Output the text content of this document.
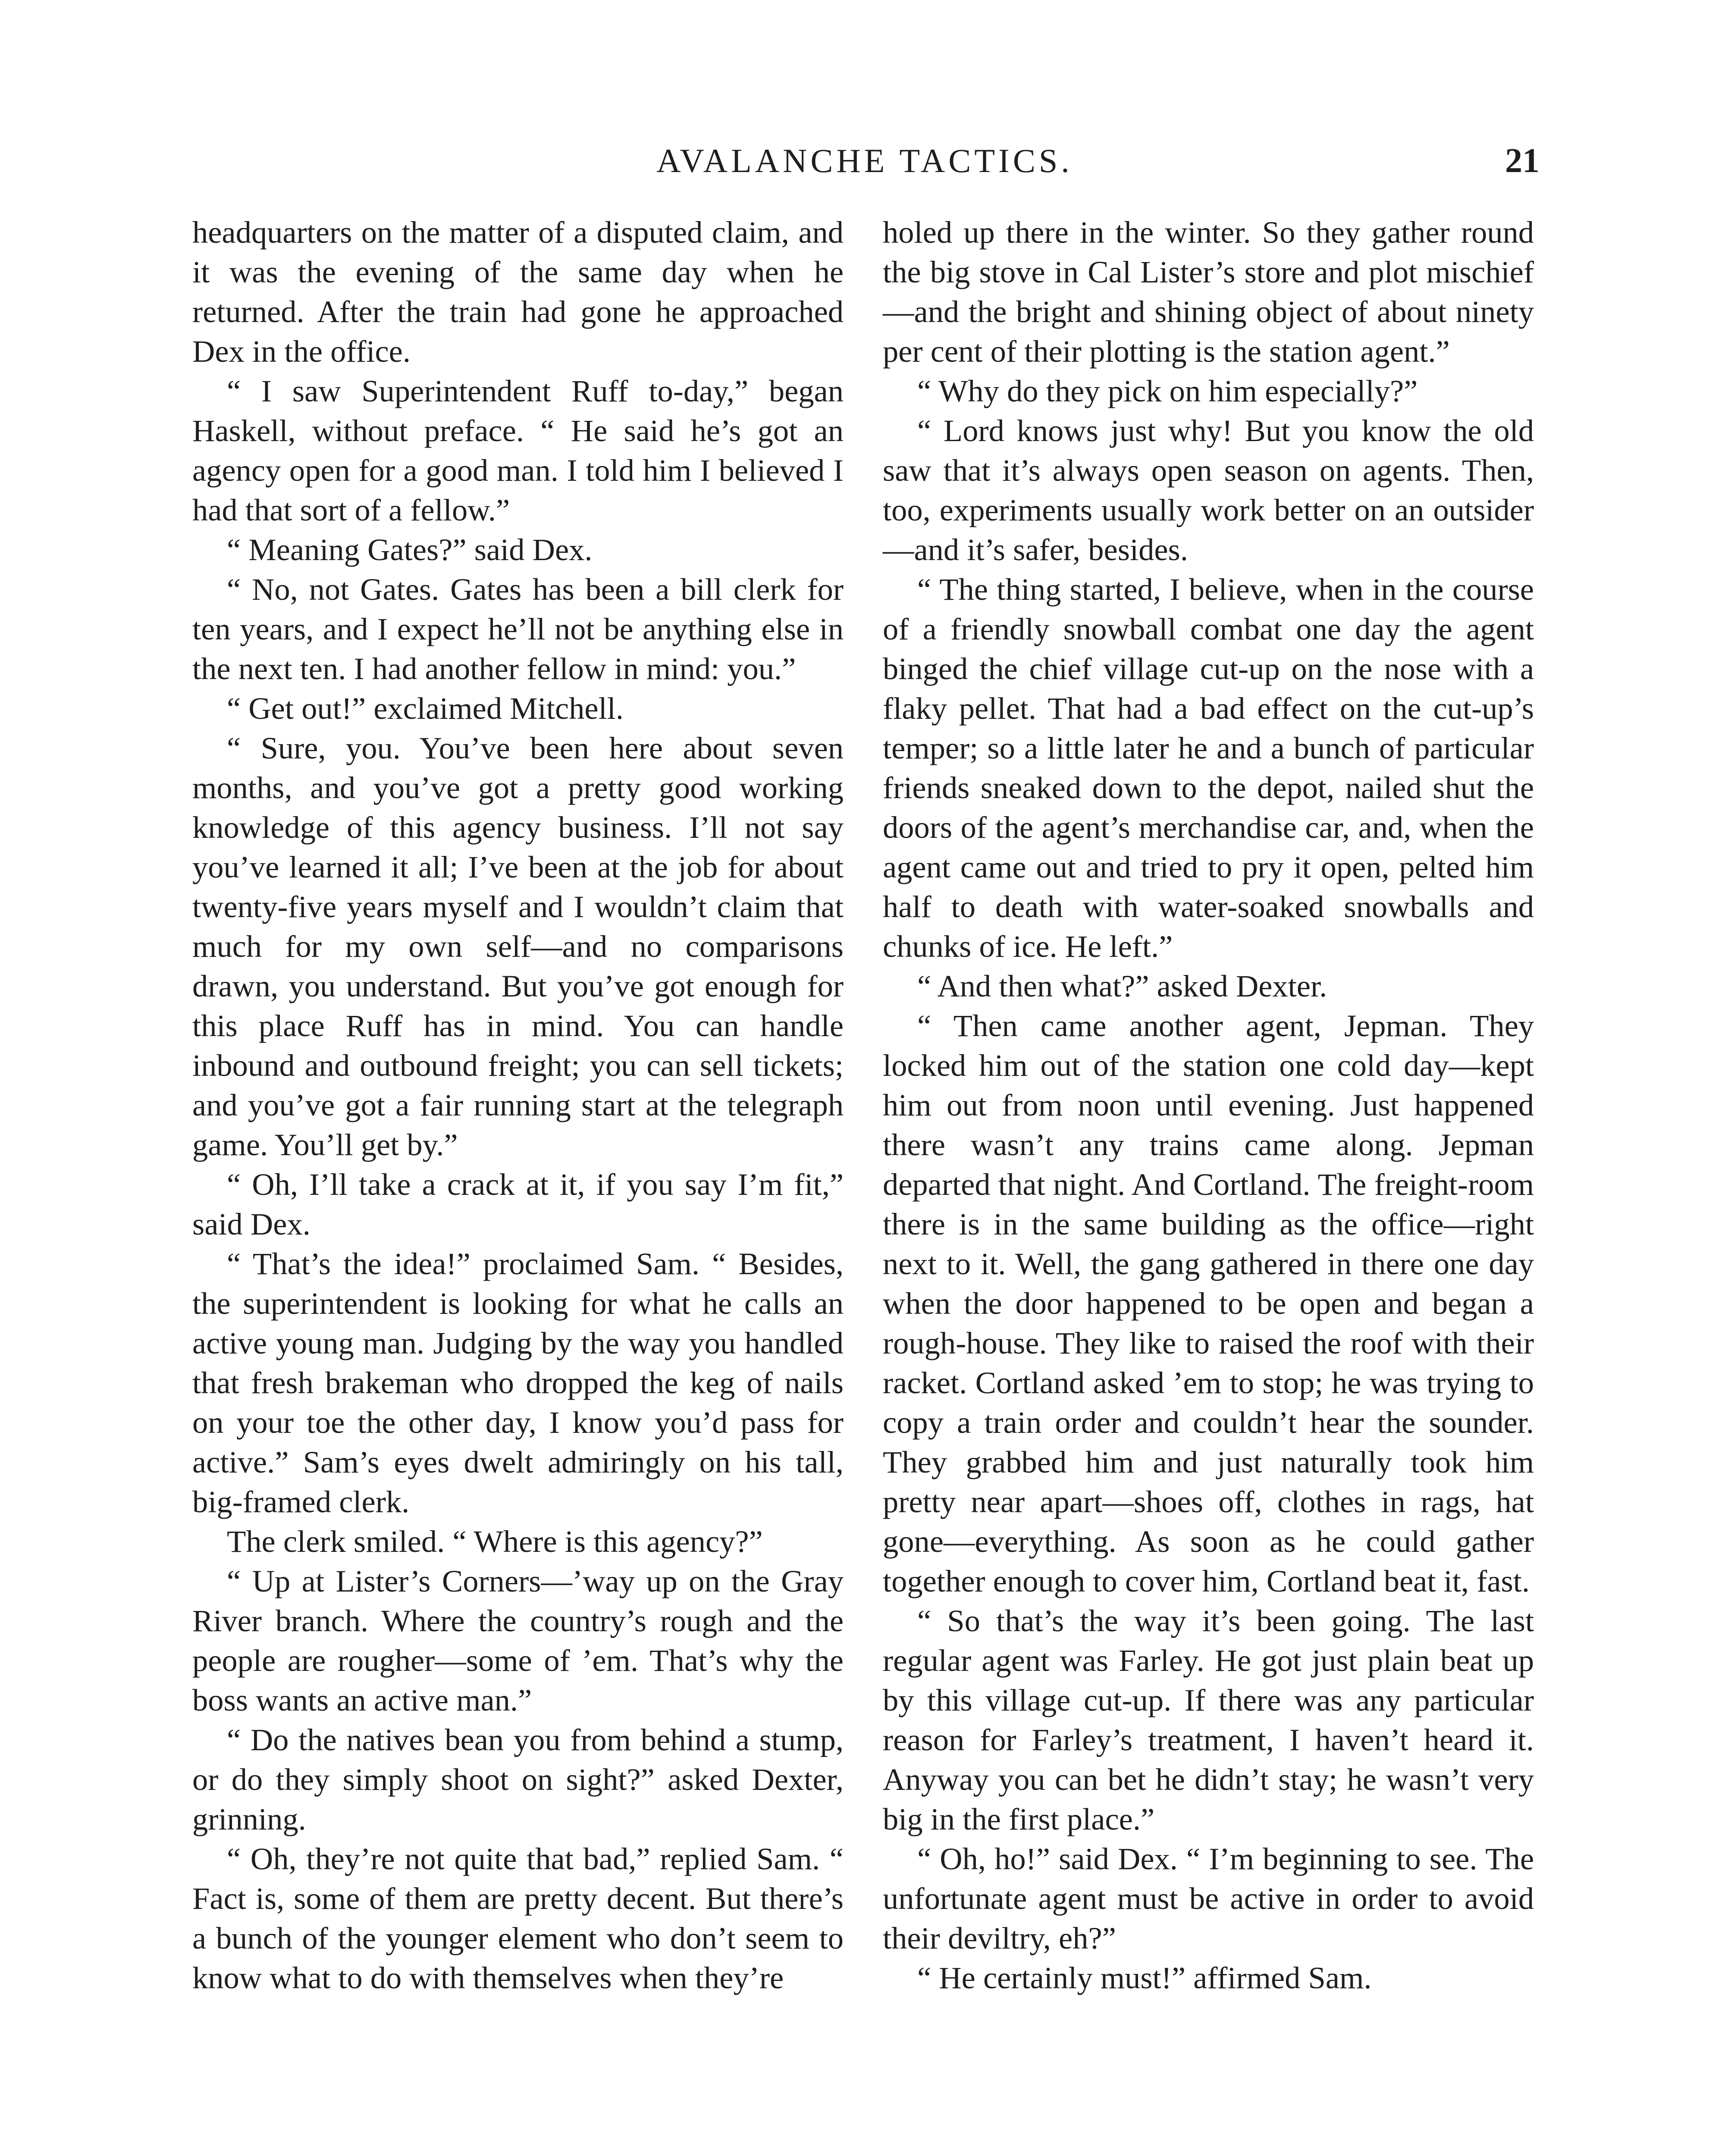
AVALANCHE TACTICS.	21

headquarters on the matter of a disputed claim, and it was the evening of the same day when he returned. After the train had gone he approached Dex in the office.

“ I saw Superintendent Ruff to-day,” began Haskell, without preface. “ He said he’s got an agency open for a good man. I told him I believed I had that sort of a fellow.”

“ Meaning Gates?” said Dex.

“ No, not Gates. Gates has been a bill clerk for ten years, and I expect he’ll not be anything else in the next ten. I had another fellow in mind: you.”

“ Get out!” exclaimed Mitchell.

“ Sure, you. You’ve been here about seven months, and you’ve got a pretty good working knowledge of this agency business. I’ll not say you’ve learned it all; I’ve been at the job for about twenty-five years myself and I wouldn’t claim that much for my own self—and no comparisons drawn, you understand. But you’ve got enough for this place Ruff has in mind. You can handle inbound and outbound freight; you can sell tickets; and you’ve got a fair running start at the telegraph game. You’ll get by.”

“ Oh, I’ll take a crack at it, if you say I’m fit,” said Dex.

“ That’s the idea!” proclaimed Sam. “ Besides, the superintendent is looking for what he calls an active young man. Judging by the way you handled that fresh brakeman who dropped the keg of nails on your toe the other day, I know you’d pass for active.” Sam’s eyes dwelt admiringly on his tall, big-framed clerk.

The clerk smiled. “ Where is this agency?”

“ Up at Lister’s Corners—’way up on the Gray River branch. Where the country’s rough and the people are rougher—some of ’em. That’s why the boss wants an active man.”

“ Do the natives bean you from behind a stump, or do they simply shoot on sight?” asked Dexter, grinning.

“ Oh, they’re not quite that bad,” replied Sam. “ Fact is, some of them are pretty decent. But there’s a bunch of the younger element who don’t seem to know what to do with themselves when they’re

holed up there in the winter. So they gather round the big stove in Cal Lister’s store and plot mischief—and the bright and shining object of about ninety per cent of their plotting is the station agent.”

“ Why do they pick on him especially?”

“ Lord knows just why! But you know the old saw that it’s always open season on agents. Then, too, experiments usually work better on an outsider—and it’s safer, besides.

“ The thing started, I believe, when in the course of a friendly snowball combat one day the agent binged the chief village cut-up on the nose with a flaky pellet. That had a bad effect on the cut-up’s temper; so a little later he and a bunch of particular friends sneaked down to the depot, nailed shut the doors of the agent’s merchandise car, and, when the agent came out and tried to pry it open, pelted him half to death with water-soaked snowballs and chunks of ice. He left.”

“ And then what?” asked Dexter.

“ Then came another agent, Jepman. They locked him out of the station one cold day—kept him out from noon until evening. Just happened there wasn’t any trains came along. Jepman departed that night. And Cortland. The freight-room there is in the same building as the office—right next to it. Well, the gang gathered in there one day when the door happened to be open and began a rough-house. They like to raised the roof with their racket. Cortland asked ’em to stop; he was trying to copy a train order and couldn’t hear the sounder. They grabbed him and just naturally took him pretty near apart—shoes off, clothes in rags, hat gone—everything. As soon as he could gather together enough to cover him, Cortland beat it, fast.

“ So that’s the way it’s been going. The last regular agent was Farley. He got just plain beat up by this village cut-up. If there was any particular reason for Farley’s treatment, I haven’t heard it. Anyway you can bet he didn’t stay; he wasn’t very big in the first place.”

“ Oh, ho!” said Dex. “ I’m beginning to see. The unfortunate agent must be active in order to avoid their deviltry, eh?”

“ He certainly must!” affirmed Sam.
